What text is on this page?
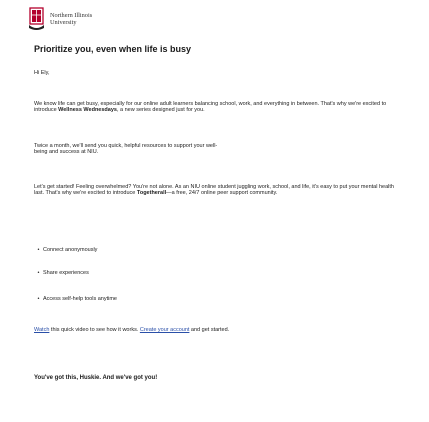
Northern Illinois
University
Prioritize you, even when life is busy

Hi Ely,

We know life can get busy, especially for our online adult learners balancing school, work, and everything in between. That's why we're excited to introduce Wellness Wednesdays, a new series designed just for you.

Twice a month, we'll send you quick, helpful resources to support your well-
being and success at NIU.

Let's get started! Feeling overwhelmed? You're not alone. As an NIU online student juggling work, school, and life, it's easy to put your mental health last. That's why we're excited to introduce Togetherall—a free, 24/7 online peer support community.

• Connect anonymously
• Share experiences
• Access self-help tools anytime

Watch this quick video to see how it works. Create your account and get started.

You've got this, Huskie. And we've got you!
